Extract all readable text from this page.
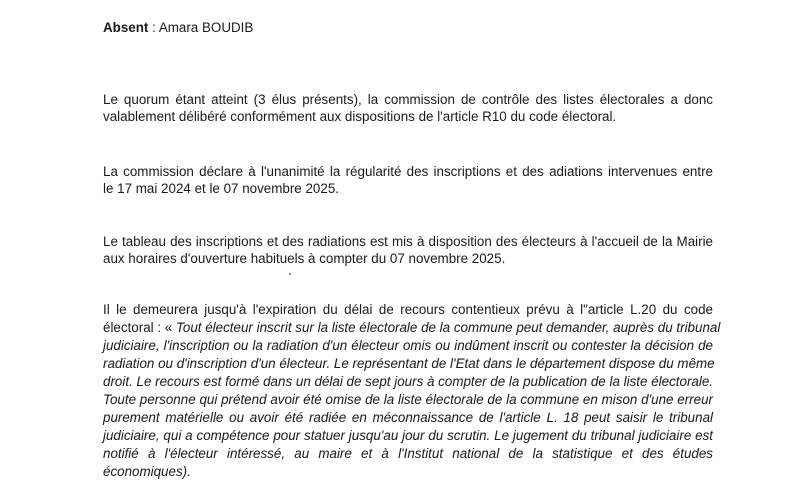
Absent : Amara BOUDIB
Le quorum étant atteint (3 élus présents), la commission de contrôle des listes électorales a donc
valablement délibéré conformément aux dispositions de l'article R10 du code électoral.
La commission déclare à l'unanimité la régularité des inscriptions et des adiations intervenues entre
le 17 mai 2024 et le 07 novembre 2025.
Le tableau des inscriptions et des radiations est mis à disposition des électeurs à l'accueil de la Mairie
aux horaires d'ouverture habituels à compter du 07 novembre 2025.
Il le demeurera jusqu'à l'expiration du délai de recours contentieux prévu à l"article L.20 du code
électoral : « Tout électeur inscrit sur la liste électorale de la commune peut demander, auprès du tribunal
judiciaire, l'inscription ou la radiation d'un électeur omis ou indûment inscrit ou contester la décision de
radiation ou d'inscription d'un électeur. Le représentant de l'Etat dans le département dispose du même
droit. Le recours est formé dans un délai de sept jours à compter de la publication de la liste électorale.
Toute personne qui prétend avoir été omise de la liste électorale de la commune en mison d'une erreur
purement matérielle ou avoir été radiée en méconnaissance de l'article L. 18 peut saisir le tribunal
judiciaire, qui a compétence pour statuer jusqu'au jour du scrutin. Le jugement du tribunal judiciaire est
notifié à l'électeur intéressé, au maire et à l'Institut national de la statistique et des études
économiques).
